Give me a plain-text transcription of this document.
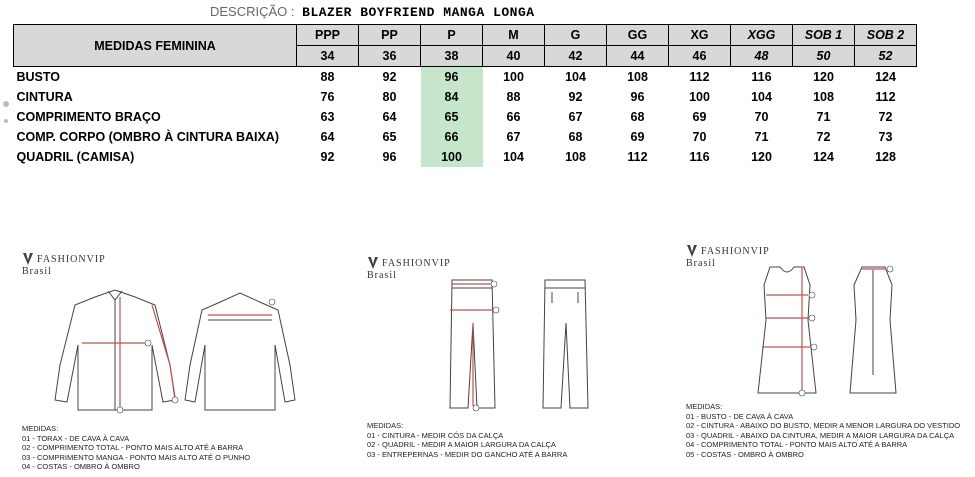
DESCRIÇÃO : BLAZER BOYFRIEND MANGA LONGA
MEDIDAS FEMININA	PPP	PP	P	M	G	GG	XG	XGG	SOB 1	SOB 2
	34	36	38	40	42	44	46	48	50	52
BUSTO	88	92	96	100	104	108	112	116	120	124
CINTURA	76	80	84	88	92	96	100	104	108	112
COMPRIMENTO BRAÇO	63	64	65	66	67	68	69	70	71	72
COMP. CORPO (OMBRO À CINTURA BAIXA)	64	65	66	67	68	69	70	71	72	73
QUADRIL (CAMISA)	92	96	100	104	108	112	116	120	124	128
FASHIONVIP
Brasil
MEDIDAS:
01 - TORAX - DE CAVA À CAVA
02 - COMPRIMENTO TOTAL - PONTO MAIS ALTO ATÉ A BARRA
03 - COMPRIMENTO MANGA - PONTO MAIS ALTO ATÉ O PUNHO
04 - COSTAS - OMBRO À OMBRO
FASHIONVIP
Brasil
MEDIDAS:
01 - CINTURA - MEDIR CÓS DA CALÇA
02 - QUADRIL - MEDIR A MAIOR LARGURA DA CALÇA
03 - ENTREPERNAS - MEDIR DO GANCHO ATÉ A BARRA
FASHIONVIP
Brasil
MEDIDAS:
01 - BUSTO - DE CAVA À CAVA
02 - CINTURA - ABAIXO DO BUSTO, MEDIR A MENOR LARGURA DO VESTIDO
03 - QUADRIL - ABAIXO DA CINTURA, MEDIR A MAIOR LARGURA DA CALÇA
04 - COMPRIMENTO TOTAL - PONTO MAIS ALTO ATÉ A BARRA
05 - COSTAS - OMBRO À OMBRO
